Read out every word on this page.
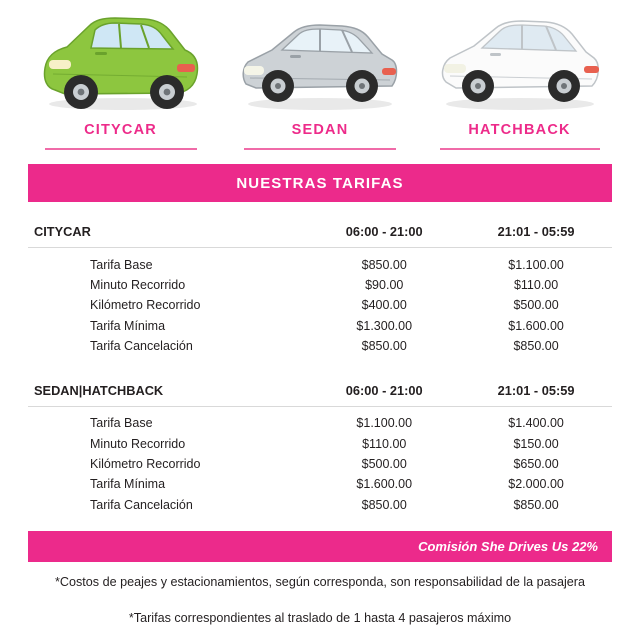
CITYCAR	SEDAN	HATCHBACK
NUESTRAS TARIFAS
CITYCAR	06:00 - 21:00	21:01 - 05:59

Tarifa Base	$850.00	$1.100.00
Minuto Recorrido	$90.00	$110.00
Kilómetro Recorrido	$400.00	$500.00
Tarifa Mínima	$1.300.00	$1.600.00
Tarifa Cancelación	$850.00	$850.00

SEDAN|HATCHBACK	06:00 - 21:00	21:01 - 05:59

Tarifa Base	$1.100.00	$1.400.00
Minuto Recorrido	$110.00	$150.00
Kilómetro Recorrido	$500.00	$650.00
Tarifa Mínima	$1.600.00	$2.000.00
Tarifa Cancelación	$850.00	$850.00
Comisión She Drives Us 22%
*Costos de peajes y estacionamientos, según corresponda, son responsabilidad de la pasajera
*Tarifas correspondientes al traslado de 1 hasta 4 pasajeros máximo
